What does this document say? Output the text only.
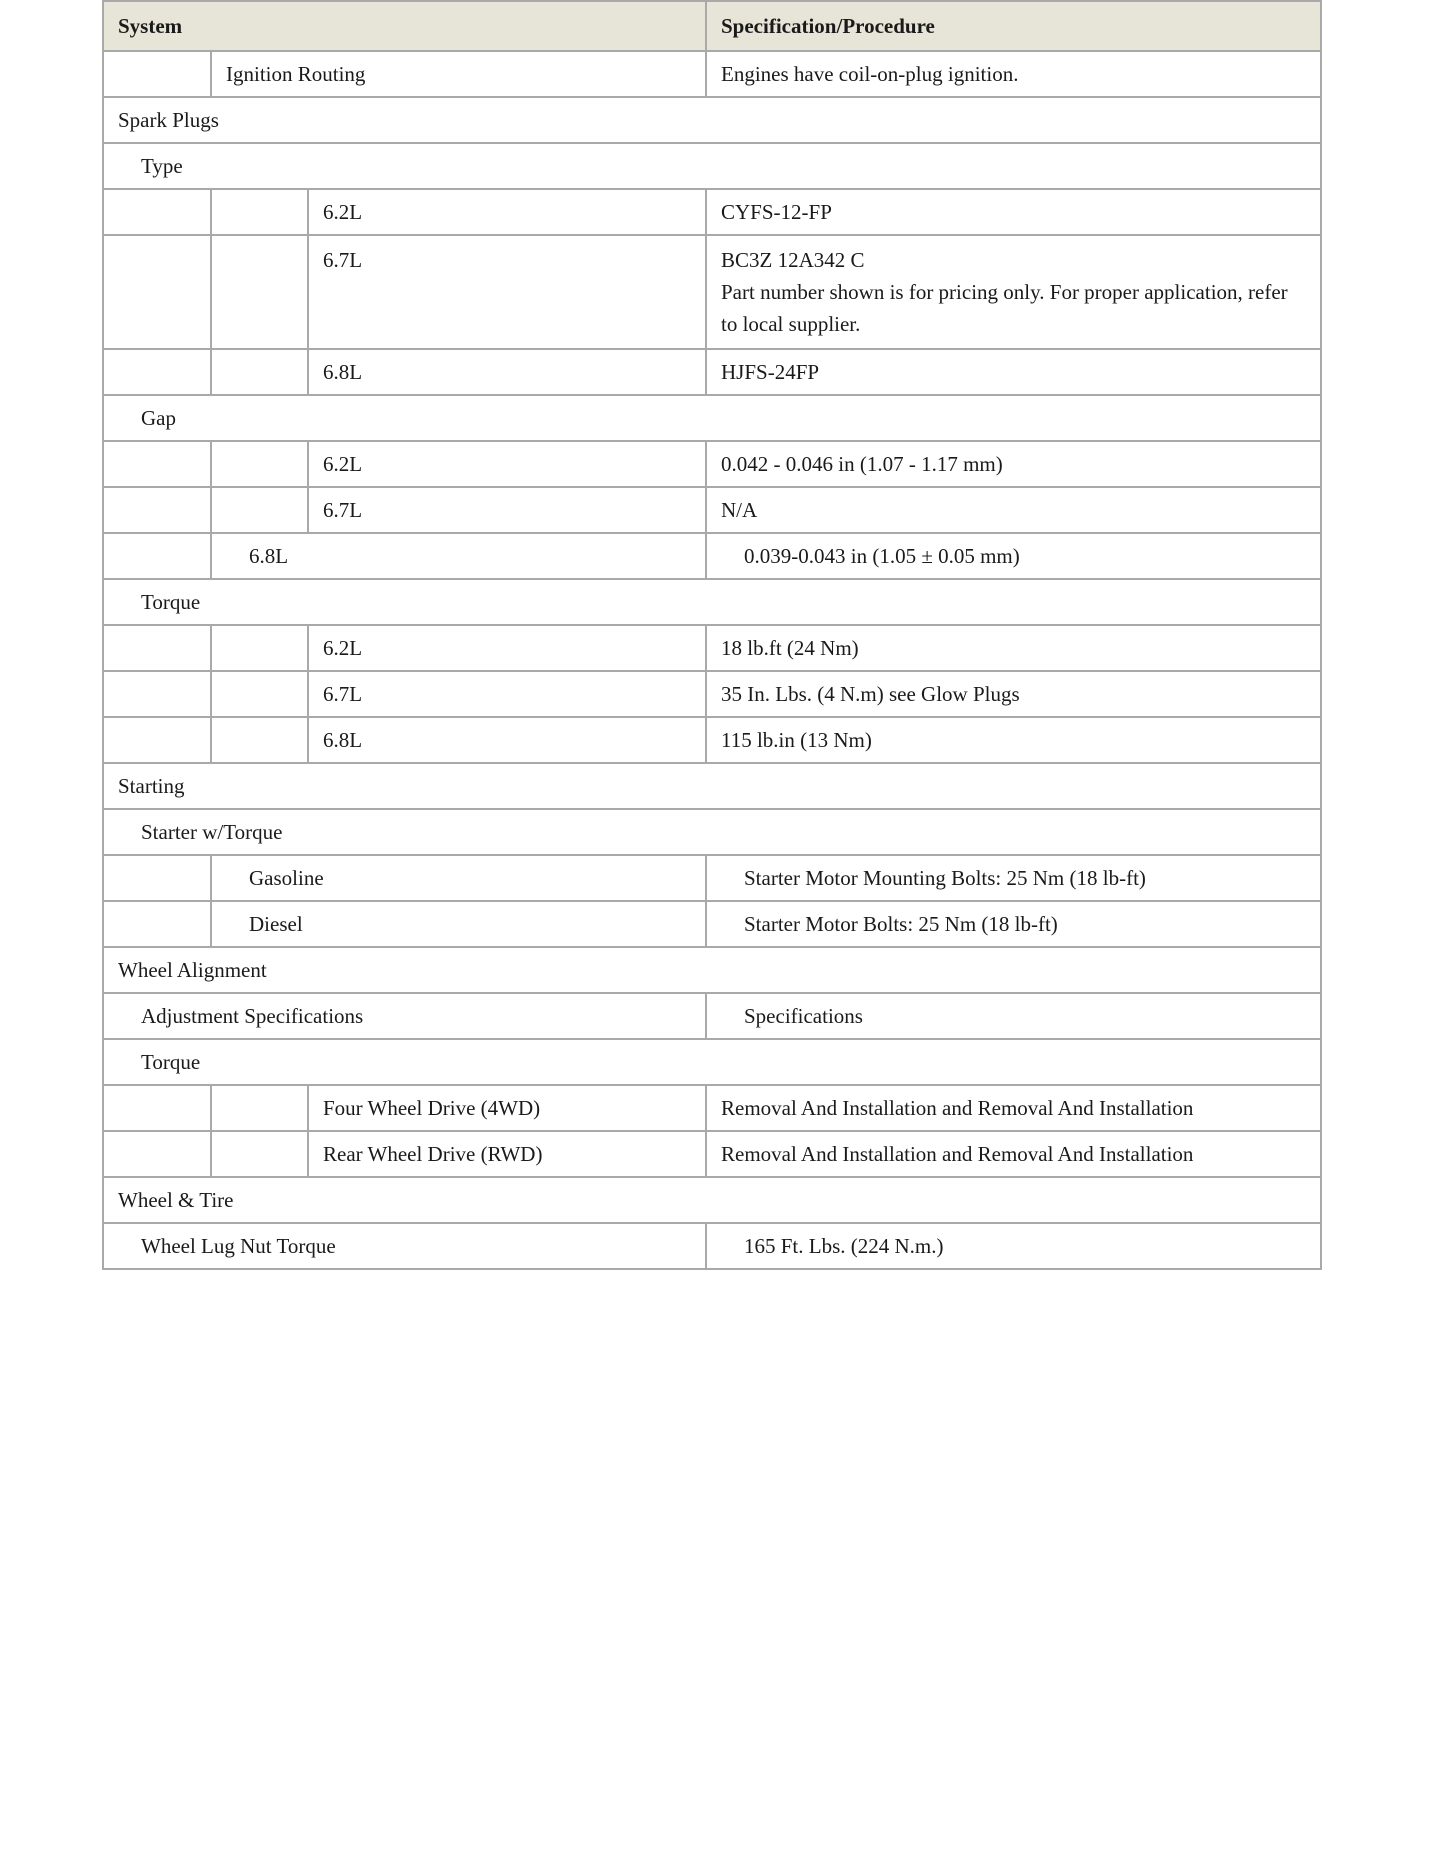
System			Specification/Procedure
	Ignition Routing		Engines have coil-on-plug ignition.
Spark Plugs			
Type			
		6.2L	CYFS-12-FP
		6.7L	BC3Z 12A342 C
Part number shown is for pricing only. For proper application, refer to local supplier.

		6.8L	HJFS-24FP
Gap			
		6.2L	0.042 - 0.046 in (1.07 - 1.17 mm)
		6.7L	N/A
	6.8L		0.039-0.043 in (1.05 ± 0.05 mm)
Torque			
		6.2L	18 lb.ft (24 Nm)
		6.7L	35 In. Lbs. (4 N.m) see Glow Plugs
		6.8L	115 lb.in (13 Nm)
Starting			
Starter w/Torque			
	Gasoline		Starter Motor Mounting Bolts: 25 Nm (18 lb-ft)
	Diesel		Starter Motor Bolts: 25 Nm (18 lb-ft)
Wheel Alignment			
Adjustment Specifications			Specifications
Torque			
		Four Wheel Drive (4WD)	Removal And Installation and Removal And Installation
		Rear Wheel Drive (RWD)	Removal And Installation and Removal And Installation
Wheel & Tire			
Wheel Lug Nut Torque			165 Ft. Lbs. (224 N.m.)
